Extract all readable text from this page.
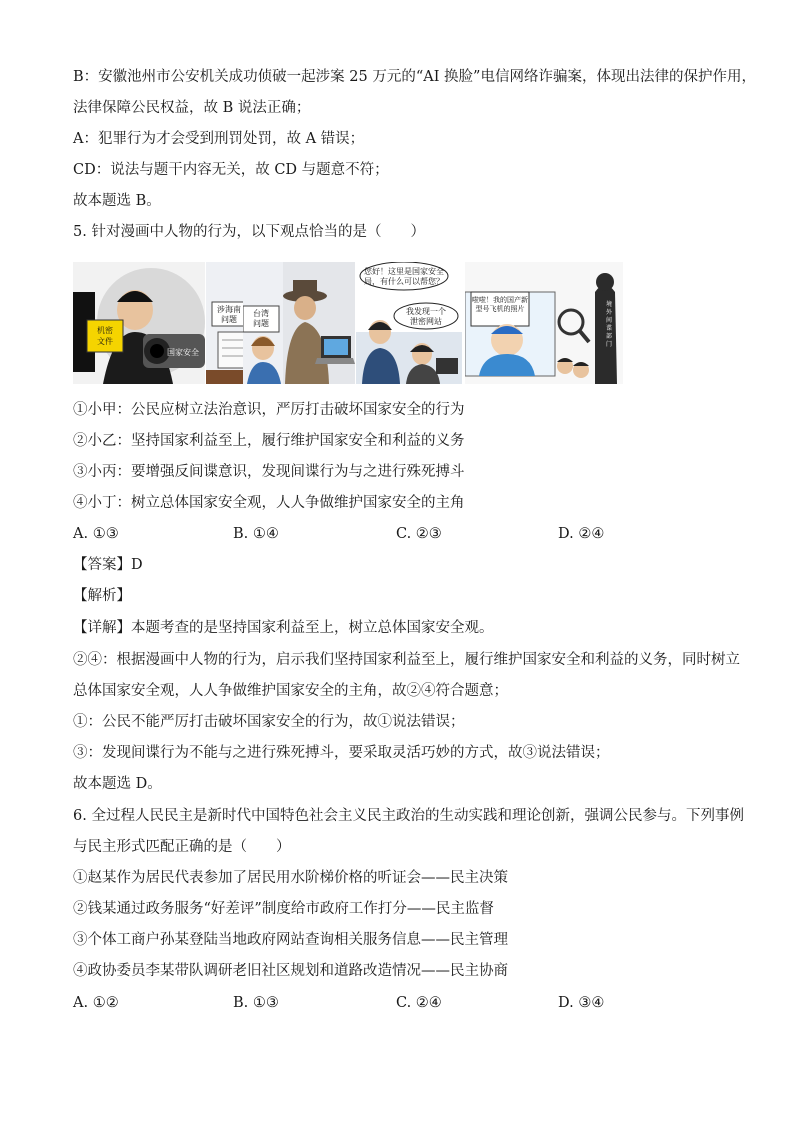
B：安徽池州市公安机关成功侦破一起涉案 25 万元的“AI 换脸”电信网络诈骗案，体现出法律的保护作用，
法律保障公民权益，故 B 说法正确；
A：犯罪行为才会受到刑罚处罚，故 A 错误；
CD：说法与题干内容无关，故 CD 与题意不符；
故本题选 B。
5. 针对漫画中人物的行为，以下观点恰当的是（　　）
机密文件
国家安全
涉海南问题
台湾问题
您好！这里是国家安全局，有什么可以帮您？
我发现一个泄密网站
啦啦！我的国产新型号飞机的照片
境外间谍部门
①小甲：公民应树立法治意识，严厉打击破坏国家安全的行为
②小乙：坚持国家利益至上，履行维护国家安全和利益的义务
③小丙：要增强反间谍意识，发现间谍行为与之进行殊死搏斗
④小丁：树立总体国家安全观，人人争做维护国家安全的主角
A. ①③	B. ①④	C. ②③	D. ②④
【答案】D
【解析】
【详解】本题考查的是坚持国家利益至上，树立总体国家安全观。
②④：根据漫画中人物的行为，启示我们坚持国家利益至上，履行维护国家安全和利益的义务，同时树立
总体国家安全观，人人争做维护国家安全的主角，故②④符合题意；
①：公民不能严厉打击破坏国家安全的行为，故①说法错误；
③：发现间谍行为不能与之进行殊死搏斗，要采取灵活巧妙的方式，故③说法错误；
故本题选 D。
6. 全过程人民民主是新时代中国特色社会主义民主政治的生动实践和理论创新，强调公民参与。下列事例
与民主形式匹配正确的是（　　）
①赵某作为居民代表参加了居民用水阶梯价格的听证会——民主决策
②钱某通过政务服务“好差评”制度给市政府工作打分——民主监督
③个体工商户孙某登陆当地政府网站查询相关服务信息——民主管理
④政协委员李某带队调研老旧社区规划和道路改造情况——民主协商
A. ①②	B. ①③	C. ②④	D. ③④
